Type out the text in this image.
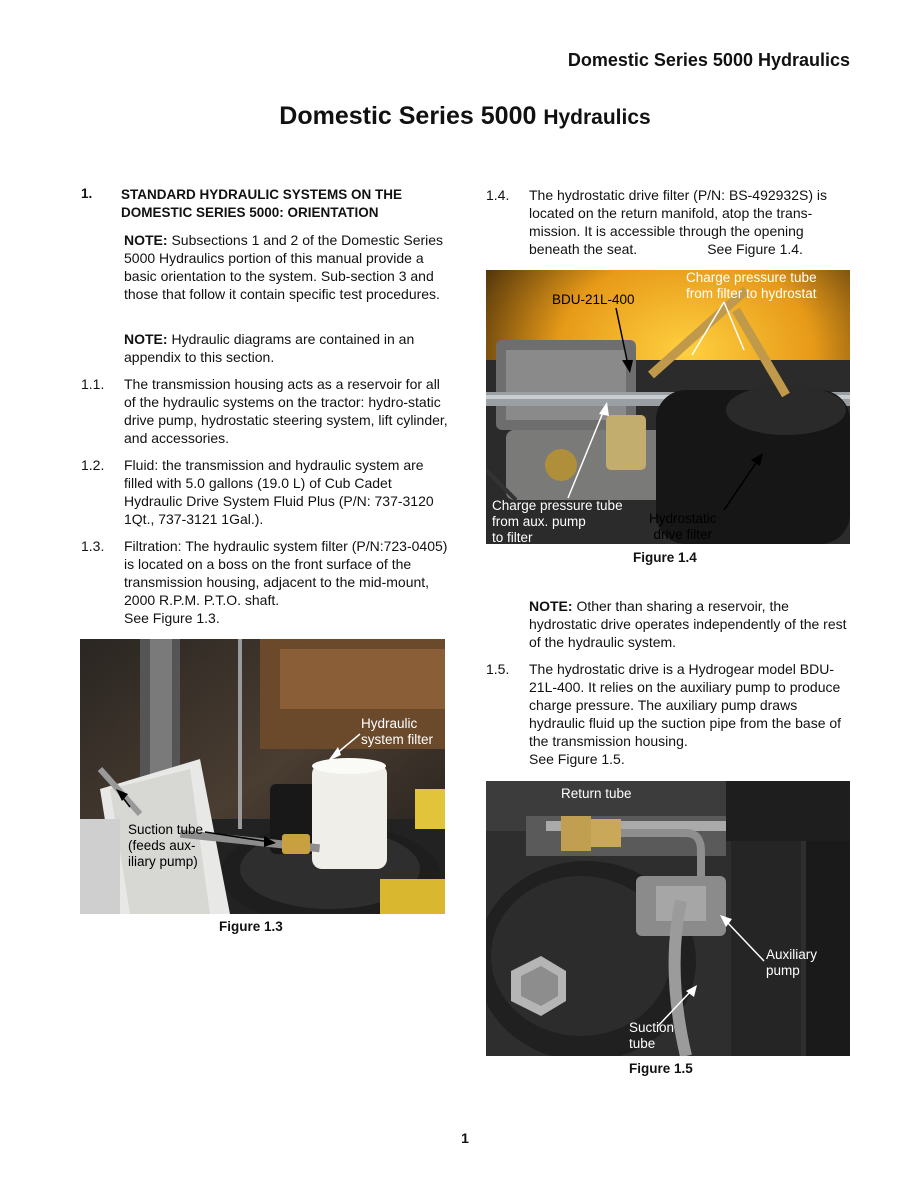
Domestic Series 5000 Hydraulics
Domestic Series 5000 Hydraulics
1. STANDARD HYDRAULIC SYSTEMS ON THE DOMESTIC SERIES 5000: ORIENTATION

NOTE: Subsections 1 and 2 of the Domestic Series 5000 Hydraulics portion of this manual provide a basic orientation to the system. Sub-section 3 and those that follow it contain specific test procedures.

NOTE: Hydraulic diagrams are contained in an appendix to this section.

1.1. The transmission housing acts as a reservoir for all of the hydraulic systems on the tractor: hydro-static drive pump, hydrostatic steering system, lift cylinder, and accessories.

1.2. Fluid: the transmission and hydraulic system are filled with 5.0 gallons (19.0 L) of Cub Cadet Hydraulic Drive System Fluid Plus (P/N: 737-3120 1Qt., 737-3121 1Gal.).

1.3. Filtration: The hydraulic system filter (P/N:723-0405) is located on a boss on the front surface of the transmission housing, adjacent to the mid-mount, 2000 R.P.M. P.T.O. shaft.
See Figure 1.3.

Hydraulic
system filter
Suction tube
(feeds aux-
iliary pump)
Figure 1.3
1.4. The hydrostatic drive filter (P/N: BS-492932S) is located on the return manifold, atop the trans-mission. It is accessible through the opening beneath the seat.	See Figure 1.4.

Charge pressure tube
from filter to hydrostat
BDU-21L-400
Charge pressure tube
from aux. pump
to filter
Hydrostatic
drive filter
Figure 1.4

NOTE: Other than sharing a reservoir, the hydrostatic drive operates independently of the rest of the hydraulic system.

1.5. The hydrostatic drive is a Hydrogear model BDU-21L-400. It relies on the auxiliary pump to produce charge pressure. The auxiliary pump draws hydraulic fluid up the suction pipe from the base of the transmission housing.
See Figure 1.5.

Return tube
Auxiliary
pump
Suction
tube
Figure 1.5
1
